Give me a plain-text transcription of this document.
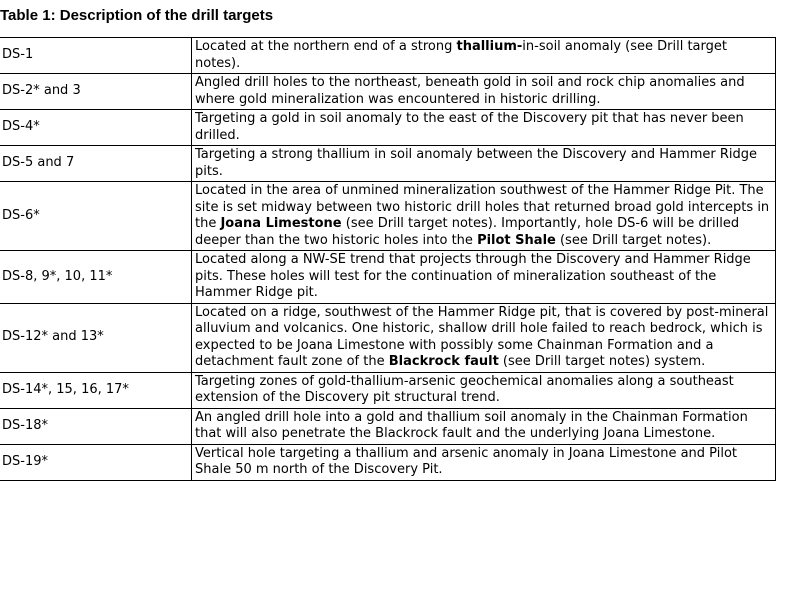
Table 1: Description of the drill targets
DS-1	Located at the northern end of a strong thallium-in-soil anomaly (see Drill target notes).
DS-2* and 3	Angled drill holes to the northeast, beneath gold in soil and rock chip anomalies and where gold mineralization was encountered in historic drilling.
DS-4*	Targeting a gold in soil anomaly to the east of the Discovery pit that has never been drilled.
DS-5 and 7	Targeting a strong thallium in soil anomaly between the Discovery and Hammer Ridge pits.
DS-6*	Located in the area of unmined mineralization southwest of the Hammer Ridge Pit. The site is set midway between two historic drill holes that returned broad gold intercepts in the Joana Limestone (see Drill target notes). Importantly, hole DS-6 will be drilled deeper than the two historic holes into the Pilot Shale (see Drill target notes).
DS-8, 9*, 10, 11*	Located along a NW-SE trend that projects through the Discovery and Hammer Ridge pits. These holes will test for the continuation of mineralization southeast of the Hammer Ridge pit.
DS-12* and 13*	Located on a ridge, southwest of the Hammer Ridge pit, that is covered by post-mineral alluvium and volcanics. One historic, shallow drill hole failed to reach bedrock, which is expected to be Joana Limestone with possibly some Chainman Formation and a detachment fault zone of the Blackrock fault (see Drill target notes) system.
DS-14*, 15, 16, 17*	Targeting zones of gold-thallium-arsenic geochemical anomalies along a southeast extension of the Discovery pit structural trend.
DS-18*	An angled drill hole into a gold and thallium soil anomaly in the Chainman Formation that will also penetrate the Blackrock fault and the underlying Joana Limestone.
DS-19*	Vertical hole targeting a thallium and arsenic anomaly in Joana Limestone and Pilot Shale 50 m north of the Discovery Pit.
